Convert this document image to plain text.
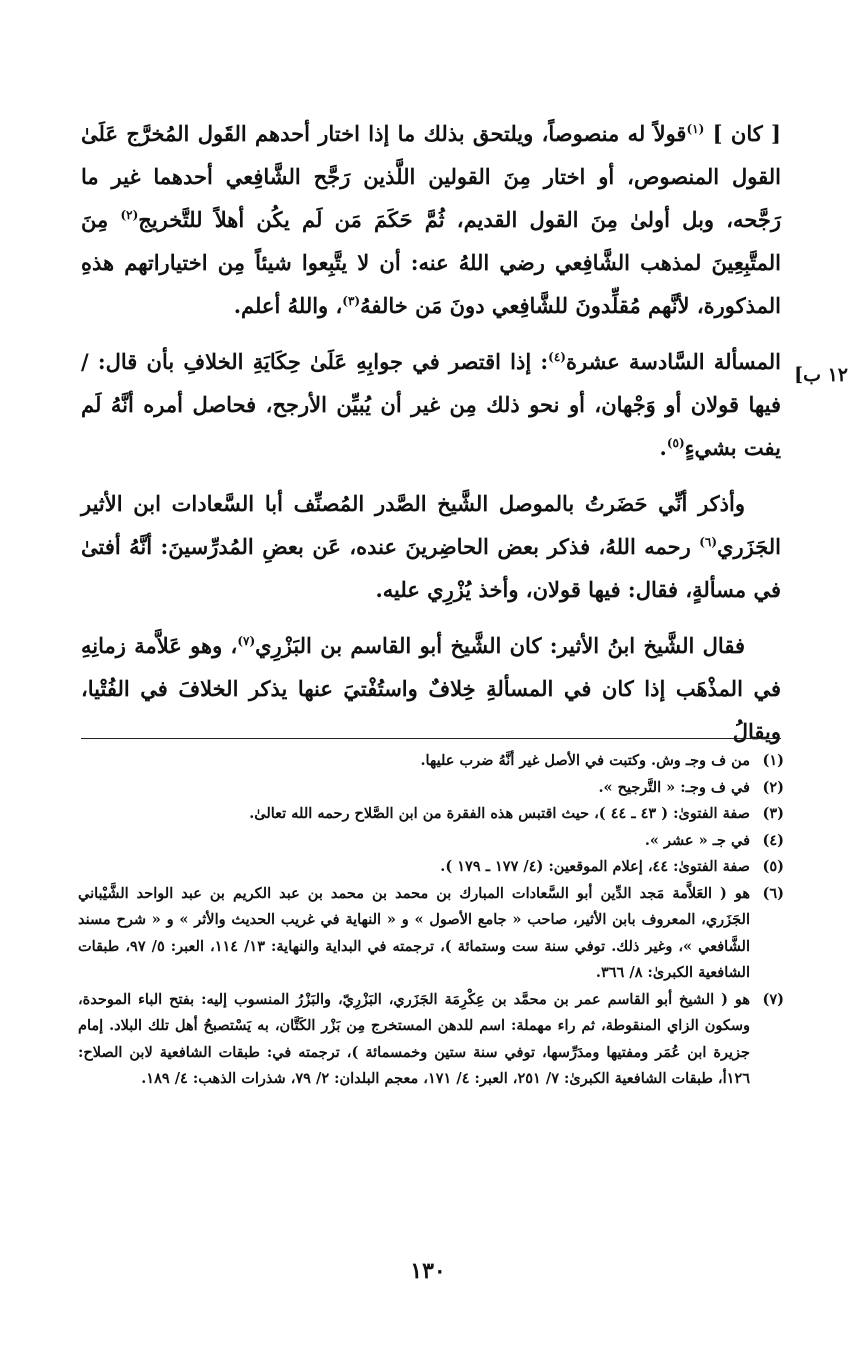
[ كان ] $^{(١)}$قولاً له منصوصاً، ويلتحق بذلك ما إذا اختار أحدهم القَول المُخرَّج عَلَىٰ القول المنصوص، أو اختار مِنَ القولين اللَّذين رَجَّح الشَّافِعي أحدهما غير ما رَجَّحه، وبل أولىٰ مِنَ القول القديم، ثُمَّ حَكَمَ مَن لَم يكُن أهلاً للتَّخريج$^{(٢)}$ مِنَ المتَّبِعِينَ لمذهب الشَّافِعي رضي اللهُ عنه: أن لا يتَّبِعوا شيئاً مِن اختياراتهم هذهِ المذكورة، لأنَّهم مُقلِّدونَ للشَّافِعي دونَ مَن خالفهُ$^{(٣)}$، واللهُ أعلم.

المسألة السَّادسة عشرة$^{(٤)}$: إذا اقتصر في جوابِهِ عَلَىٰ حِكَايَةِ الخلافِ بأن قال: / فيها قولان أو وَجْهان، أو نحو ذلك مِن غير أن يُبيِّن الأرجح، فحاصل أمره أنَّهُ لَم يفت بشيءٍ$^{(٥)}$.

وأذكر أنِّي حَضَرتُ بالموصل الشَّيخ الصَّدر المُصنِّف أبا السَّعادات ابن الأثير الجَزَري$^{(٦)}$ رحمه اللهُ، فذكر بعض الحاضِرينَ عنده، عَن بعضِ المُدرِّسينَ: أنَّهُ أفتىٰ في مسألةٍ، فقال: فيها قولان، وأخذ يُزْرِي عليه.

فقال الشَّيخ ابنُ الأثير: كان الشَّيخ أبو القاسم بن البَزْرِي$^{(٧)}$، وهو عَلاَّمة زمانِهِ في المذْهَب إذا كان في المسألةِ خِلافٌ واستُفْتيَ عنها يذكر الخلافَ في الفُتْيا، ويقالُ

١٢ ب]
(١)
من ف وجـ وش. وكتبت في الأصل غير أنَّهُ ضرب عليها.
(٢)
في ف وجـ: « التَّرجيح ».
(٣)
صفة الفتوىٰ: ( ٤٣ ـ ٤٤ )، حيث اقتبس هذه الفقرة من ابن الصَّلاح رحمه الله تعالىٰ.
(٤)
في جـ « عشر ».
(٥)
صفة الفتوىٰ: ٤٤، إعلام الموقعين: (٤/ ١٧٧ ـ ١٧٩ ).
(٦)
هو ( العَلاَّمة مَجد الدِّين أبو السَّعادات المبارك بن محمد بن محمد بن عبد الكريم بن عبد الواحد الشَّيْباني الجَزَري، المعروف بابن الأثير، صاحب « جامع الأصول » و « النهاية في غريب الحديث والأثر » و « شرح مسند الشَّافعي »، وغير ذلك. توفي سنة ست وستمائة )، ترجمته في البداية والنهاية: ١٣/ ١١٤، العبر: ٥/ ٩٧، طبقات الشافعية الكبرىٰ: ٨/ ٣٦٦.
(٧)
هو ( الشيخ أبو القاسم عمر بن محمَّد بن عِكْرِمَة الجَزَري، البَزْرِيّ، والبَزْرُ المنسوب إليه: بفتح الباء الموحدة، وسكون الزاي المنقوطة، ثم راء مهملة: اسم للدهن المستخرج مِن بَزْر الكَتَّان، به يَسْتصبحُ أهل تلك البلاد. إمام جزيرة ابن عُمَر ومفتيها ومدَرِّسها، توفي سنة ستين وخمسمائة )، ترجمته في: طبقات الشافعية لابن الصلاح: ١٢٦أ، طبقات الشافعية الكبرىٰ: ٧/ ٢٥١، العبر: ٤/ ١٧١، معجم البلدان: ٢/ ٧٩، شذرات الذهب: ٤/ ١٨٩.
١٣٠
